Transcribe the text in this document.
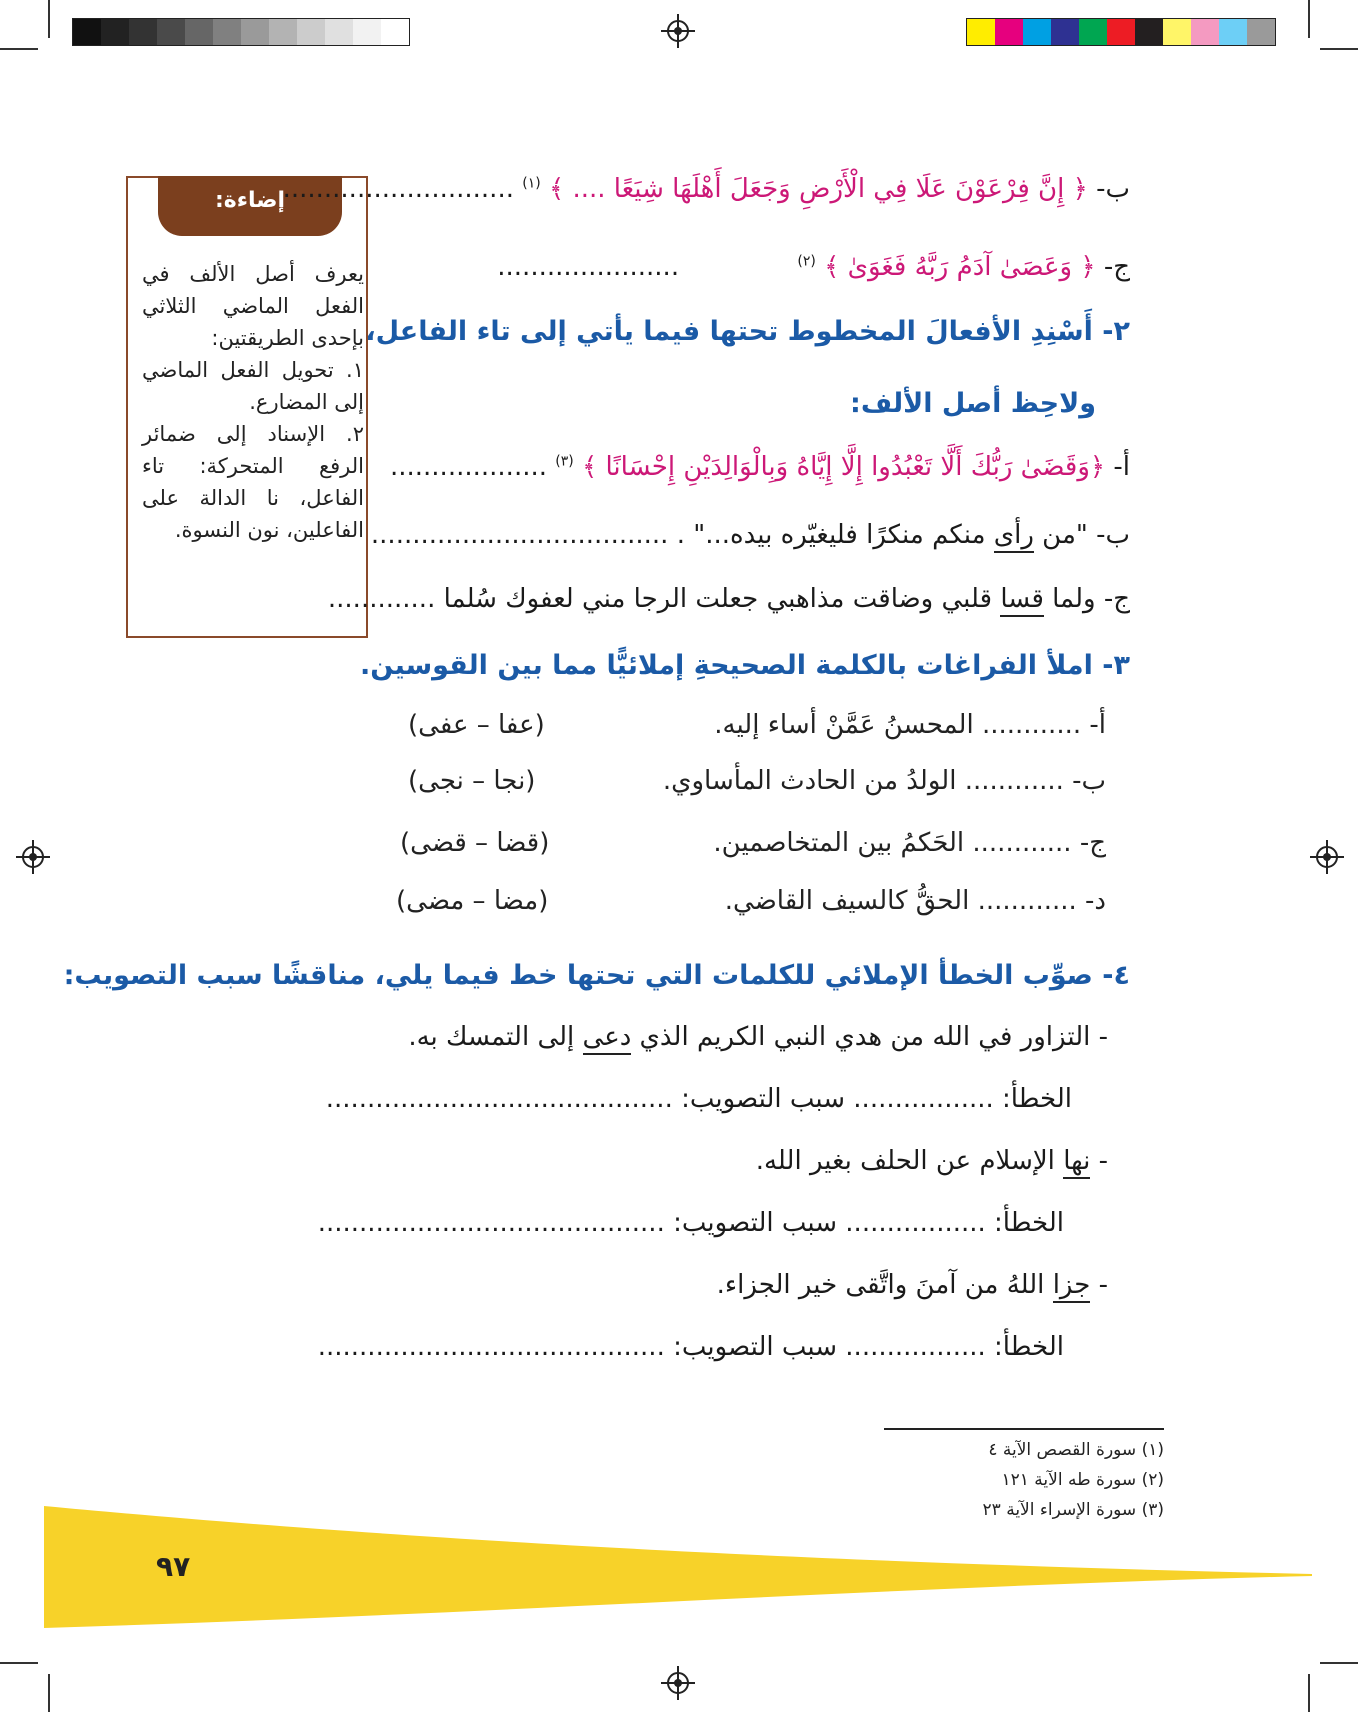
إضاءة:

يعرف أصل الألف في الفعل الماضي الثلاثي بإحدى الطريقتين:

١. تحويل الفعل الماضي إلى المضارع.

٢. الإسناد إلى ضمائر الرفع المتحركة: تاء الفاعل، نا الدالة على الفاعلين، نون النسوة.

ب- ﴿ إِنَّ فِرْعَوْنَ عَلَا فِي الْأَرْضِ وَجَعَلَ أَهْلَهَا شِيَعًا .... ﴾ $^{(١)}$ ............................
ج- ﴿ وَعَصَىٰ آدَمُ رَبَّهُ فَغَوَىٰ ﴾ $^{(٢)}$ ......................
٢- أَسْنِدِ الأفعالَ المخطوط تحتها فيما يأتي إلى تاء الفاعل،
ولاحِظ أصل الألف:
أ- ﴿وَقَضَىٰ رَبُّكَ أَلَّا تَعْبُدُوا إِلَّا إِيَّاهُ وَبِالْوَالِدَيْنِ إِحْسَانًا ﴾ $^{(٣)}$ ...................
ب- "من رأى منكم منكرًا فليغيّره بيده..." . ....................................
ج- ولما قسا قلبي وضاقت مذاهبي جعلت الرجا مني لعفوك سُلما .............
٣- املأ الفراغات بالكلمة الصحيحةِ إملائيًّا مما بين القوسين.
أ- ............ المحسنُ عَمَّنْ أساء إليه.
(عفا – عفى)
ب- ............ الولدُ من الحادث المأساوي.
(نجا – نجى)
ج- ............ الحَكمُ بين المتخاصمين.
(قضا – قضى)
د- ............ الحقُّ كالسيف القاضي.
(مضا – مضى)
٤- صوِّب الخطأ الإملائي للكلمات التي تحتها خط فيما يلي، مناقشًا سبب التصويب:
- التزاور في الله من هدي النبي الكريم الذي دعى إلى التمسك به.
الخطأ: ................. سبب التصويب: ..........................................
- نها الإسلام عن الحلف بغير الله.
الخطأ: ................. سبب التصويب: ..........................................
- جزا اللهُ من آمنَ واتَّقى خير الجزاء.
الخطأ: ................. سبب التصويب: ..........................................
(١) سورة القصص الآية ٤
(٢) سورة طه الآية ١٢١
(٣) سورة الإسراء الآية ٢٣
٩٧
